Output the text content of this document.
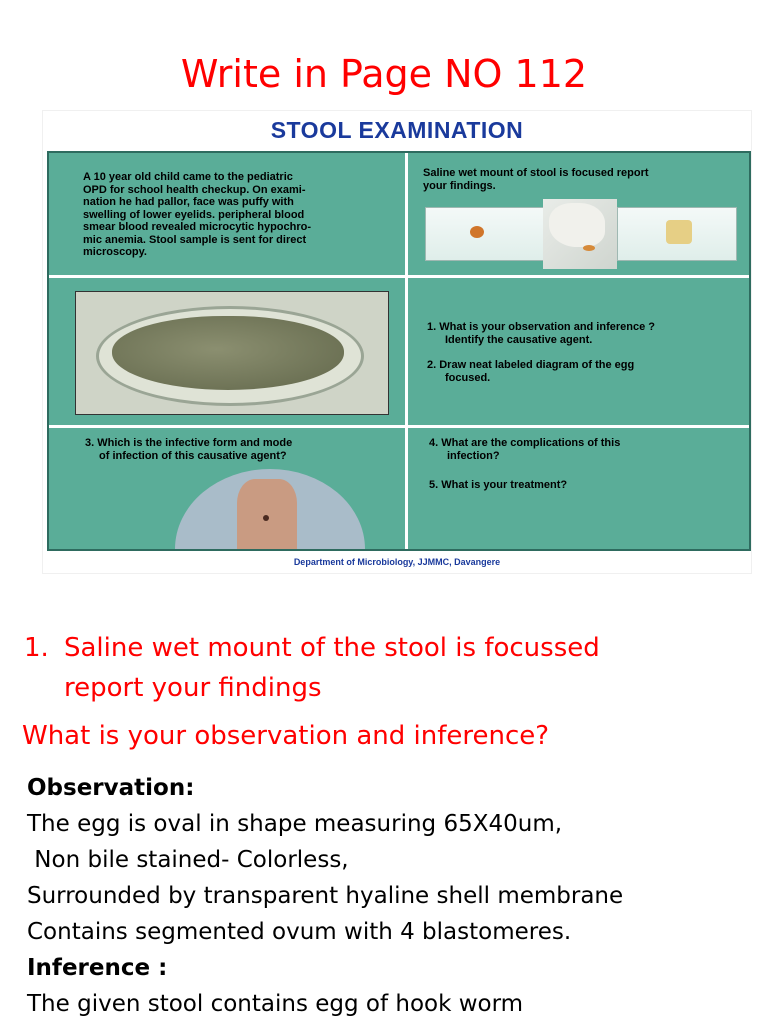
Write in Page NO 112
STOOL EXAMINATION
A 10 year old child came to the pediatric
OPD for school health checkup. On exami-
nation he had pallor, face was puffy with
swelling of lower eyelids. peripheral blood
smear blood revealed microcytic hypochro-
mic anemia. Stool sample is sent for direct
microscopy.
Saline wet mount of stool is focused report
your findings.
1. What is your observation and inference ?
Identify the causative agent.
2. Draw neat labeled diagram of the egg
focused.
3. Which is the infective form and mode
of infection of this causative agent?
4. What are the complications of this
infection?
5. What is your treatment?
Department of Microbiology, JJMMC, Davangere
1. Saline wet mount of the stool is focussed
report your findings
What is your observation and inference?
Observation:
The egg is oval in shape measuring 65X40um,
Non bile stained- Colorless,
Surrounded by transparent hyaline shell membrane
Contains segmented ovum with 4 blastomeres.
Inference :
The given stool contains egg of hook worm
